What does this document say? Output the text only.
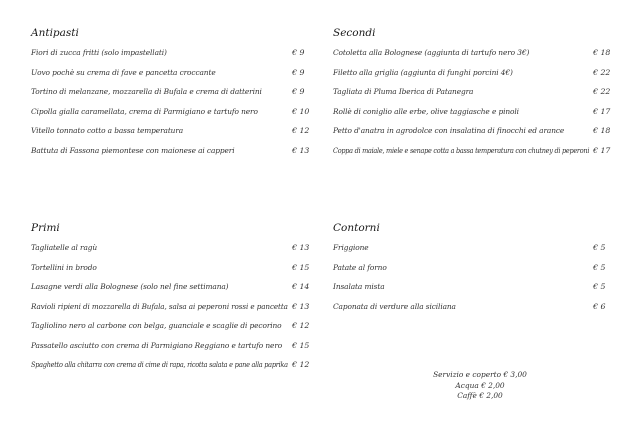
Antipasti
Fiori di zucca fritti (solo impastellati)	€ 9
Uovo pochè su crema di fave e pancetta croccante	€ 9
Tortino di melanzane, mozzarella di Bufala e crema di datterini	€ 9
Cipolla gialla caramellata, crema di Parmigiano e tartufo nero	€ 10
Vitello tonnato cotto a bassa temperatura	€ 12
Battuta di Fassona piemontese con maionese ai capperi	€ 13
Secondi
Cotoletta alla Bolognese (aggiunta di tartufo nero 3€)	€ 18
Filetto alla griglia (aggiunta di funghi porcini 4€)	€ 22
Tagliata di Pluma Iberica di Patanegra	€ 22
Rollè di coniglio alle erbe, olive taggiasche e pinoli	€ 17
Petto d'anatra in agrodolce con insalatina di finocchi ed arance	€ 18
Coppa di maiale, miele e senape cotta a bassa temperatura con chutney di peperoni € 17
Primi
Tagliatelle al ragù	€ 13
Tortellini in brodo	€ 15
Lasagne verdi alla Bolognese (solo nel fine settimana)	€ 14
Ravioli ripieni di mozzarella di Bufala, salsa ai peperoni rossi e pancetta € 13
Tagliolino nero al carbone con belga, guanciale e scaglie di pecorino € 12
Passatello asciutto con crema di Parmigiano Reggiano e tartufo nero € 15
Spaghetto alla chitarra con crema di cime di rapa, ricotta salata e pane alla paprika € 12
Contorni
Friggione	€ 5
Patate al forno	€ 5
Insalata mista	€ 5
Caponata di verdure alla siciliana	€ 6
Servizio e coperto € 3,00
Acqua € 2,00
Caffè € 2,00
